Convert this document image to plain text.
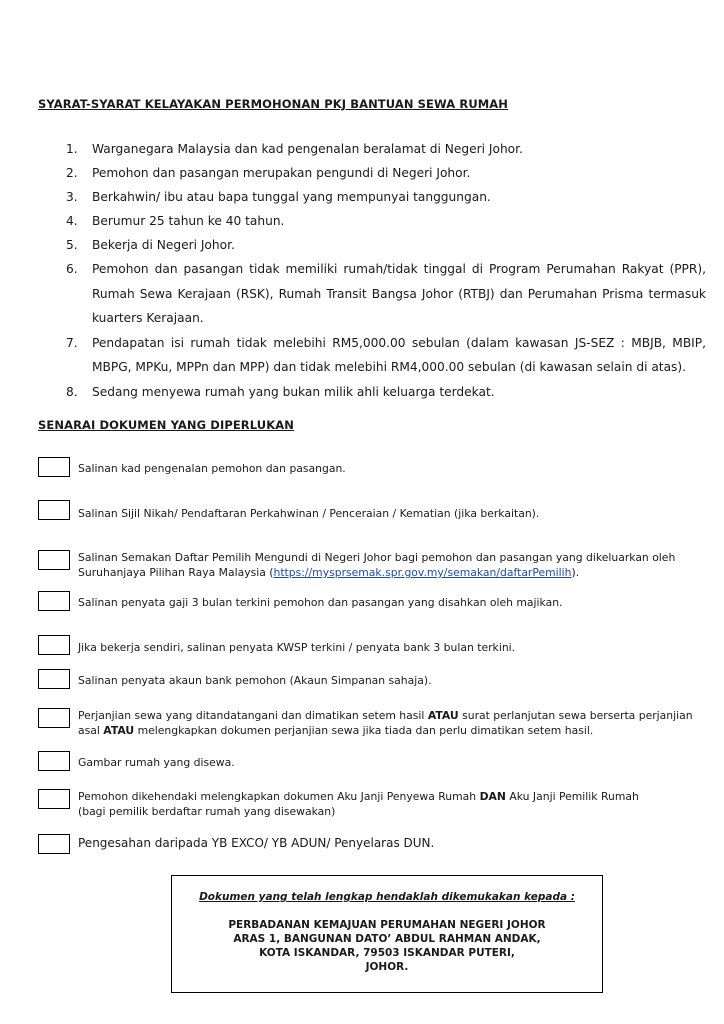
SYARAT-SYARAT KELAYAKAN PERMOHONAN PKJ BANTUAN SEWA RUMAH
1. Warganegara Malaysia dan kad pengenalan beralamat di Negeri Johor.
2. Pemohon dan pasangan merupakan pengundi di Negeri Johor.
3. Berkahwin/ ibu atau bapa tunggal yang mempunyai tanggungan.
4. Berumur 25 tahun ke 40 tahun.
5. Bekerja di Negeri Johor.
6. Pemohon dan pasangan tidak memiliki rumah/tidak tinggal di Program Perumahan Rakyat (PPR), Rumah Sewa Kerajaan (RSK), Rumah Transit Bangsa Johor (RTBJ) dan Perumahan Prisma termasuk kuarters Kerajaan.
7. Pendapatan isi rumah tidak melebihi RM5,000.00 sebulan (dalam kawasan JS-SEZ : MBJB, MBIP, MBPG, MPKu, MPPn dan MPP) dan tidak melebihi RM4,000.00 sebulan (di kawasan selain di atas).
8. Sedang menyewa rumah yang bukan milik ahli keluarga terdekat.
SENARAI DOKUMEN YANG DIPERLUKAN
Salinan kad pengenalan pemohon dan pasangan.
Salinan Sijil Nikah/ Pendaftaran Perkahwinan / Penceraian / Kematian (jika berkaitan).
Salinan Semakan Daftar Pemilih Mengundi di Negeri Johor bagi pemohon dan pasangan yang dikeluarkan oleh Suruhanjaya Pilihan Raya Malaysia (https://mysprsemak.spr.gov.my/semakan/daftarPemilih).
Salinan penyata gaji 3 bulan terkini pemohon dan pasangan yang disahkan oleh majikan.
Jika bekerja sendiri, salinan penyata KWSP terkini / penyata bank 3 bulan terkini.
Salinan penyata akaun bank pemohon (Akaun Simpanan sahaja).
Perjanjian sewa yang ditandatangani dan dimatikan setem hasil ATAU surat perlanjutan sewa berserta perjanjian asal ATAU melengkapkan dokumen perjanjian sewa jika tiada dan perlu dimatikan setem hasil.
Gambar rumah yang disewa.
Pemohon dikehendaki melengkapkan dokumen Aku Janji Penyewa Rumah DAN Aku Janji Pemilik Rumah
(bagi pemilik berdaftar rumah yang disewakan)
Pengesahan daripada YB EXCO/ YB ADUN/ Penyelaras DUN.
Dokumen yang telah lengkap hendaklah dikemukakan kepada :
PERBADANAN KEMAJUAN PERUMAHAN NEGERI JOHOR
ARAS 1, BANGUNAN DATO’ ABDUL RAHMAN ANDAK,
KOTA ISKANDAR, 79503 ISKANDAR PUTERI,
JOHOR.
